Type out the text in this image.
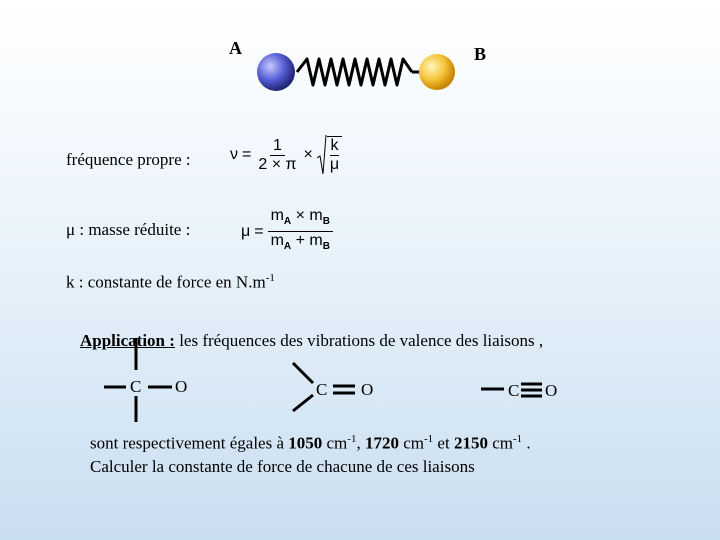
A	B
fréquence propre : $\nu = \frac{1}{2 \times \pi}$ ×
k
μ
μ : masse réduite :	$\mu = \frac{m_A \times m_B}{m_A + m_B}$
k : constante de force en $N.m^{-1}$
Application : les fréquences des vibrations de valence des liaisons ,
C O	C O	C O
sont respectivement égales à 1050 $cm^{-1}$, 1720 $cm^{-1}$ et 2150 $cm^{-1}$ .
Calculer la constante de force de chacune de ces liaisons
